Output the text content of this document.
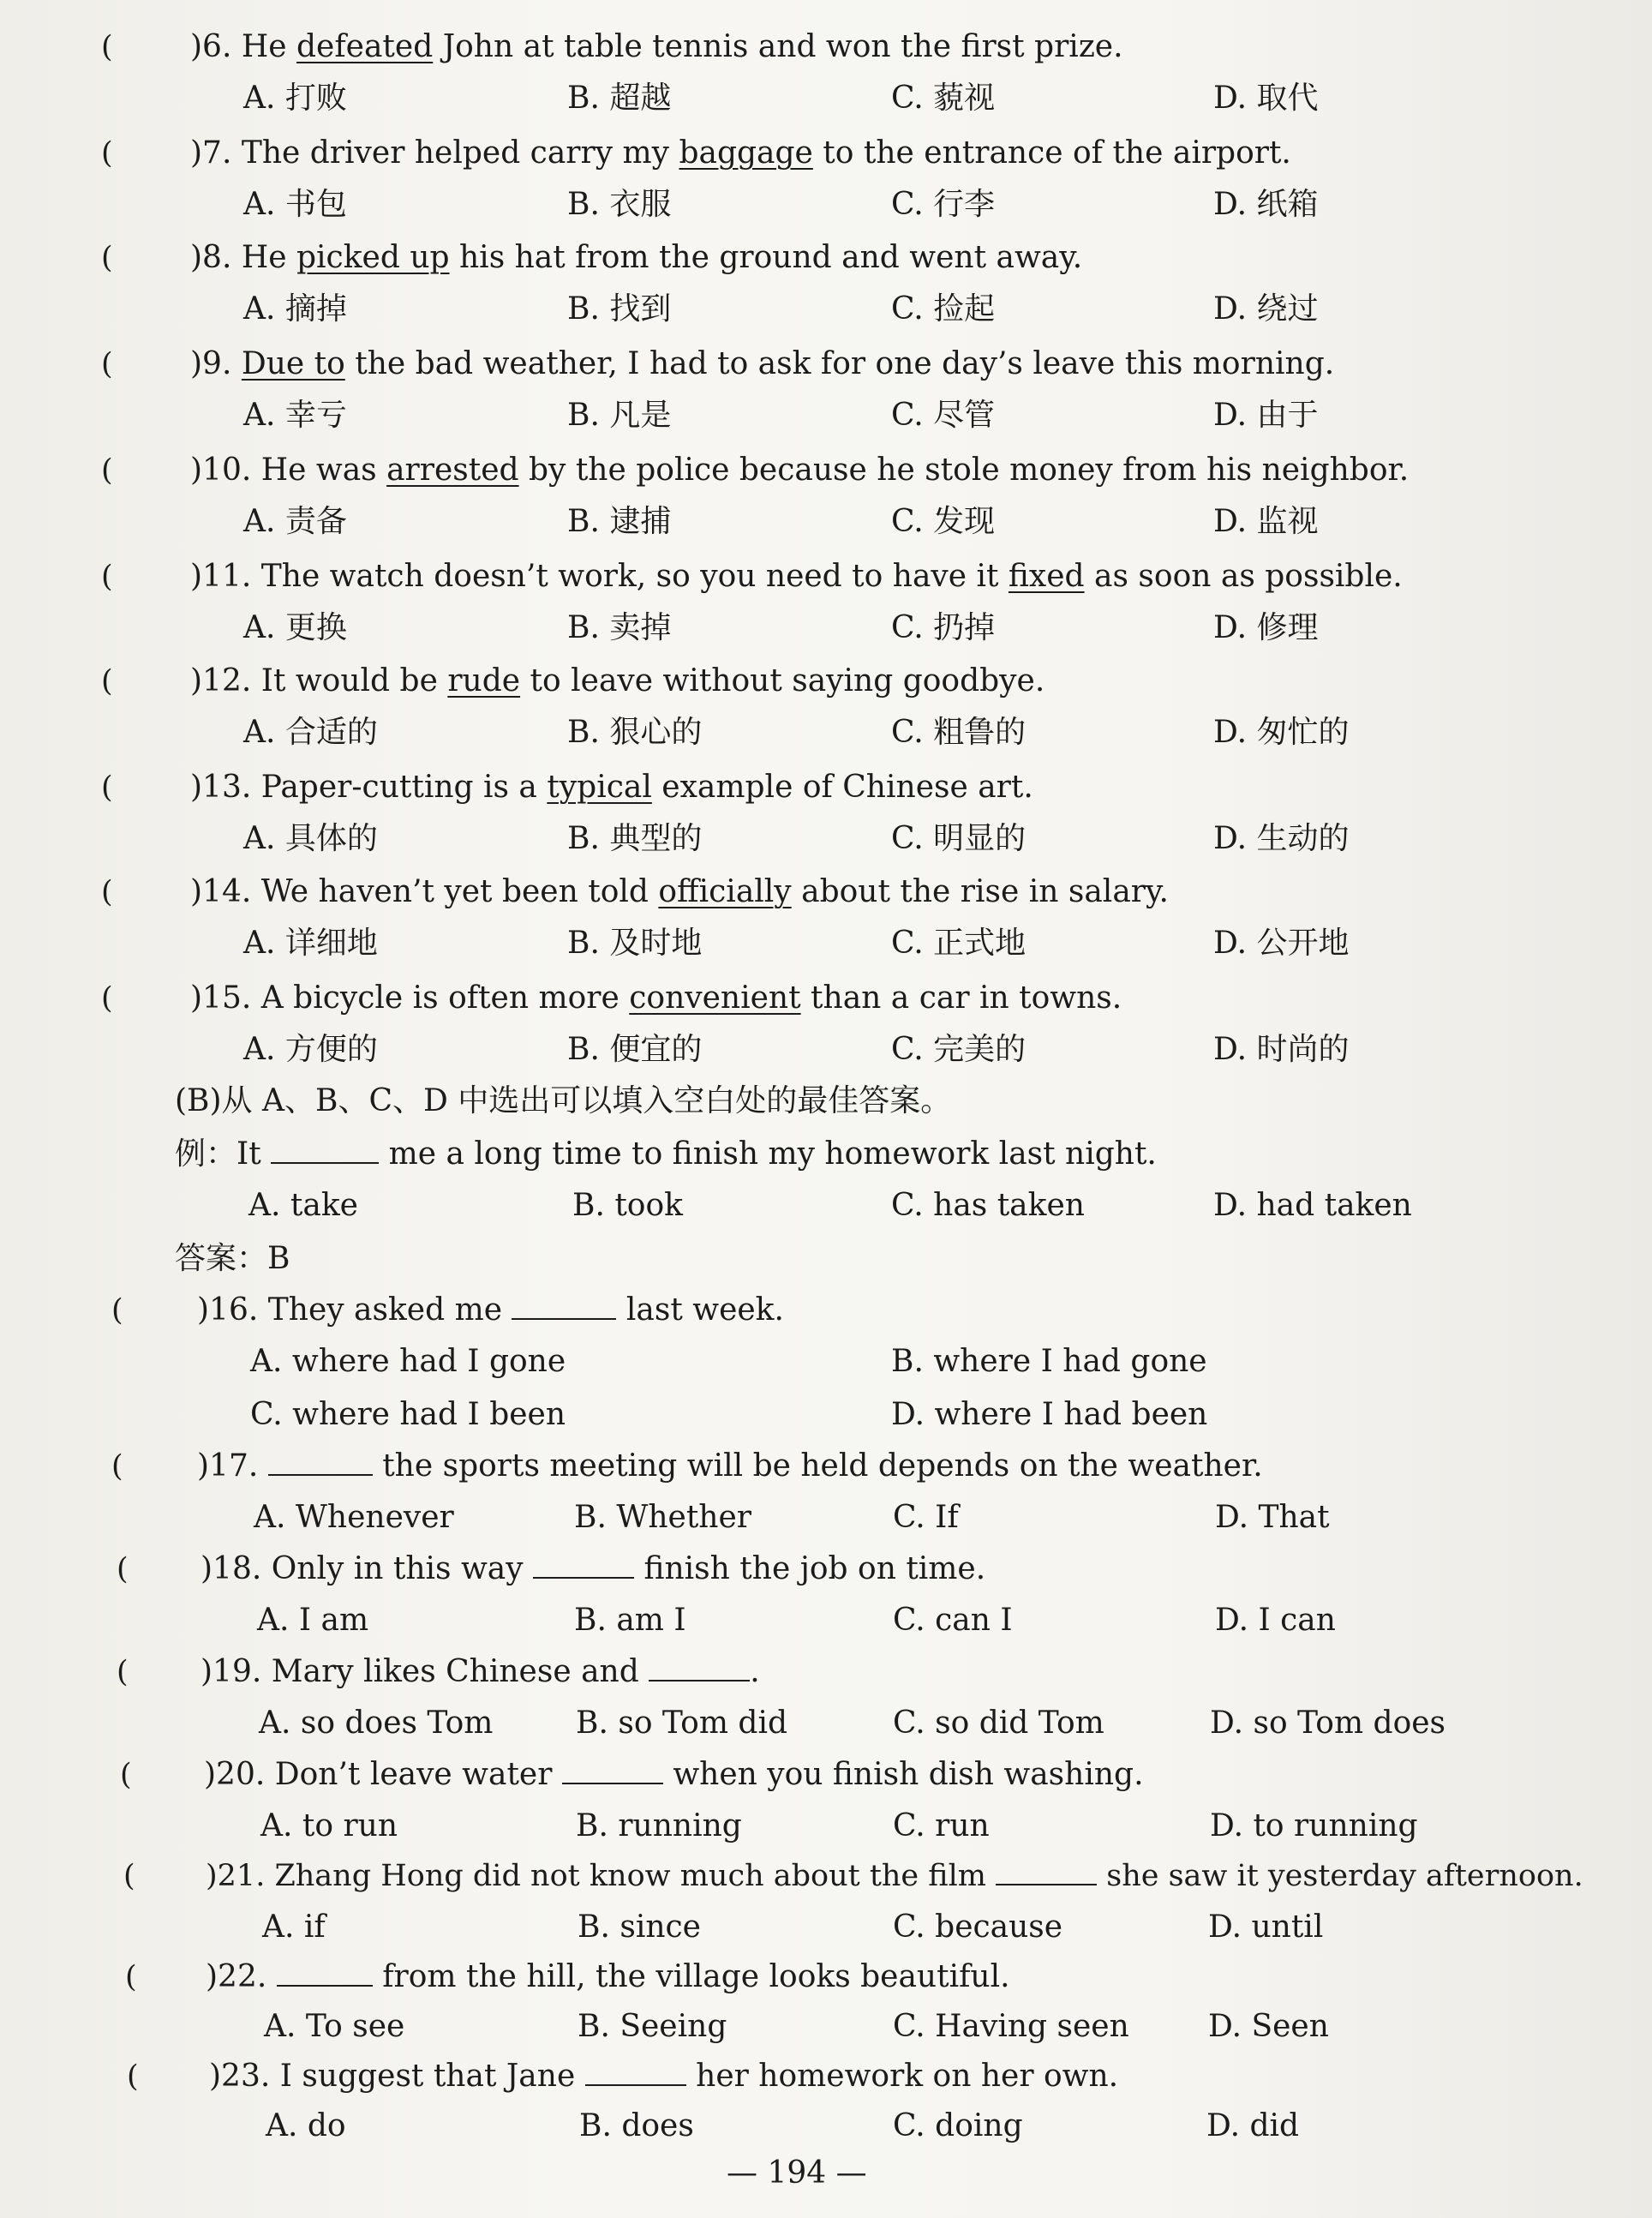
(	)6. He defeated John at table tennis and won the first prize.
A. 打败	B. 超越	C. 藐视	D. 取代
(	)7. The driver helped carry my baggage to the entrance of the airport.
A. 书包	B. 衣服	C. 行李	D. 纸箱
(	)8. He picked up his hat from the ground and went away.
A. 摘掉	B. 找到	C. 捡起	D. 绕过
(	)9. Due to the bad weather, I had to ask for one day’s leave this morning.
A. 幸亏	B. 凡是	C. 尽管	D. 由于
(	)10. He was arrested by the police because he stole money from his neighbor.
A. 责备	B. 逮捕	C. 发现	D. 监视
(	)11. The watch doesn’t work, so you need to have it fixed as soon as possible.
A. 更换	B. 卖掉	C. 扔掉	D. 修理
(	)12. It would be rude to leave without saying goodbye.
A. 合适的	B. 狠心的	C. 粗鲁的	D. 匆忙的
(	)13. Paper-cutting is a typical example of Chinese art.
A. 具体的	B. 典型的	C. 明显的	D. 生动的
(	)14. We haven’t yet been told officially about the rise in salary.
A. 详细地	B. 及时地	C. 正式地	D. 公开地
(	)15. A bicycle is often more convenient than a car in towns.
A. 方便的	B. 便宜的	C. 完美的	D. 时尚的
(B)从 A、B、C、D 中选出可以填入空白处的最佳答案。
例：It	me a long time to finish my homework last night.
A. take	B. took	C. has taken	D. had taken
答案：B
( )16. They asked me	last week.
A. where had I gone	B. where I had gone
C. where had I been	D. where I had been
( )17.	the sports meeting will be held depends on the weather.
A. Whenever	B. Whether	C. If	D. That
( )18. Only in this way	finish the job on time.
A. I am	B. am I	C. can I	D. I can
( )19. Mary likes Chinese and	.
A. so does Tom	B. so Tom did	C. so did Tom	D. so Tom does
( )20. Don’t leave water	when you finish dish washing.
A. to run	B. running	C. run	D. to running
( )21. Zhang Hong did not know much about the film	she saw it yesterday afternoon.
A. if	B. since	C. because	D. until
( )22.	from the hill, the village looks beautiful.
A. To see	B. Seeing	C. Having seen	D. Seen
( )23. I suggest that Jane	her homework on her own.
A. do	B. does	C. doing	D. did
— 194 —
